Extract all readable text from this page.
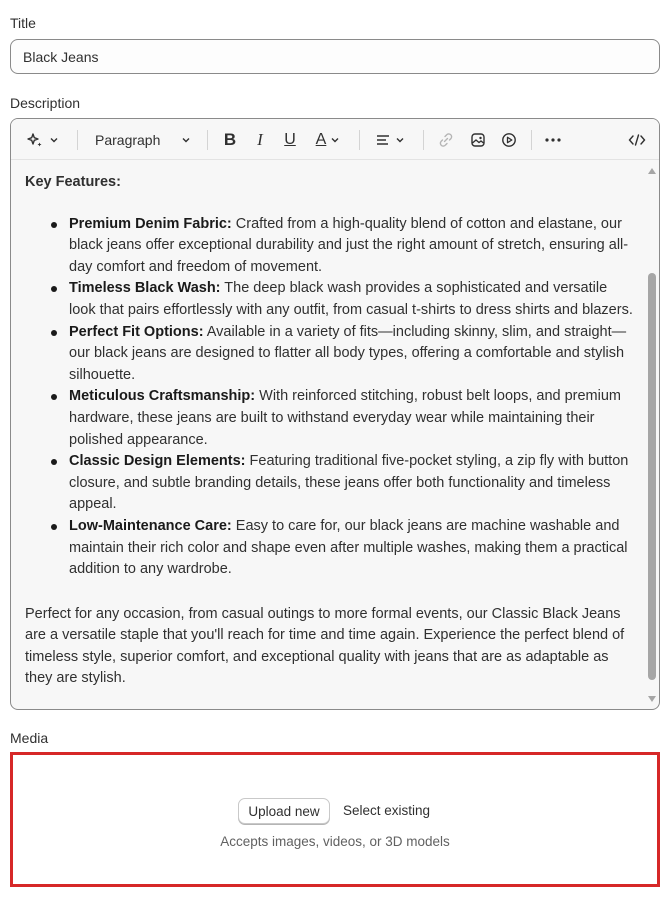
Title
Black Jeans
Description
Paragraph	B I U A
Key Features:
Premium Denim Fabric: Crafted from a high-quality blend of cotton and elastane, our black jeans offer exceptional durability and just the right amount of stretch, ensuring all-day comfort and freedom of movement.
Timeless Black Wash: The deep black wash provides a sophisticated and versatile look that pairs effortlessly with any outfit, from casual t-shirts to dress shirts and blazers.
Perfect Fit Options: Available in a variety of fits—including skinny, slim, and straight—our black jeans are designed to flatter all body types, offering a comfortable and stylish silhouette.
Meticulous Craftsmanship: With reinforced stitching, robust belt loops, and premium hardware, these jeans are built to withstand everyday wear while maintaining their polished appearance.
Classic Design Elements: Featuring traditional five-pocket styling, a zip fly with button closure, and subtle branding details, these jeans offer both functionality and timeless appeal.
Low-Maintenance Care: Easy to care for, our black jeans are machine washable and maintain their rich color and shape even after multiple washes, making them a practical addition to any wardrobe.

Perfect for any occasion, from casual outings to more formal events, our Classic Black Jeans are a versatile staple that you'll reach for time and time again. Experience the perfect blend of timeless style, superior comfort, and exceptional quality with jeans that are as adaptable as they are stylish.

Media
Upload new	Select existing
Accepts images, videos, or 3D models
